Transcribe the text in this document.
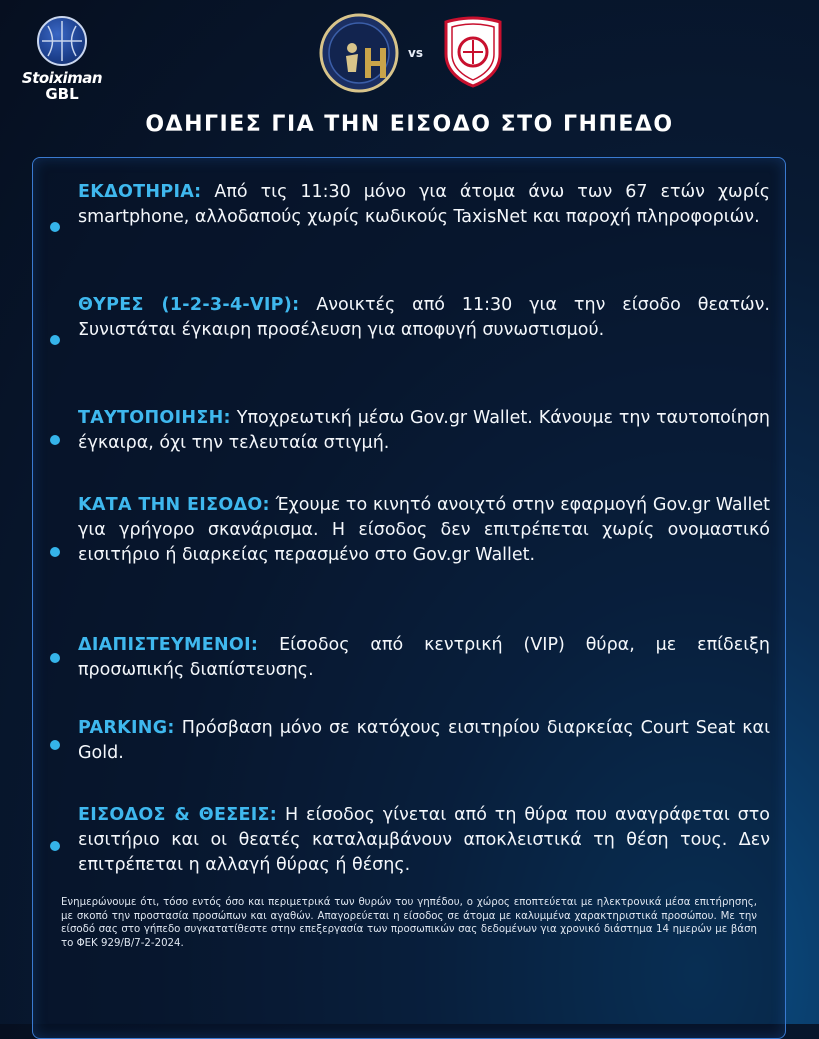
Stoiximan
GBL
vs
ΟΔΗΓΙΕΣ ΓΙΑ ΤΗΝ ΕΙΣΟΔΟ ΣΤΟ ΓΗΠΕΔΟ
ΕΚΔΟΤΗΡΙΑ: Από τις 11:30 μόνο για άτομα άνω των 67 ετών χωρίς smartphone, αλλοδαπούς χωρίς κωδικούς TaxisNet και παροχή πληροφοριών.
ΘΥΡΕΣ (1-2-3-4-VIP): Ανοικτές από 11:30 για την είσοδο θεατών. Συνιστάται έγκαιρη προσέλευση για αποφυγή συνωστισμού.
ΤΑΥΤΟΠΟΙΗΣΗ: Υποχρεωτική μέσω Gov.gr Wallet. Κάνουμε την ταυτοποίηση έγκαιρα, όχι την τελευταία στιγμή.
ΚΑΤΑ ΤΗΝ ΕΙΣΟΔΟ: Έχουμε το κινητό ανοιχτό στην εφαρμογή Gov.gr Wallet για γρήγορο σκανάρισμα. Η είσοδος δεν επιτρέπεται χωρίς ονομαστικό εισιτήριο ή διαρκείας περασμένο στο Gov.gr Wallet.
ΔΙΑΠΙΣΤΕΥΜΕΝΟΙ: Είσοδος από κεντρική (VIP) θύρα, με επίδειξη προσωπικής διαπίστευσης.
PARKING: Πρόσβαση μόνο σε κατόχους εισιτηρίου διαρκείας Court Seat και Gold.
ΕΙΣΟΔΟΣ & ΘΕΣΕΙΣ: Η είσοδος γίνεται από τη θύρα που αναγράφεται στο εισιτήριο και οι θεατές καταλαμβάνουν αποκλειστικά τη θέση τους. Δεν επιτρέπεται η αλλαγή θύρας ή θέσης.
Ενημερώνουμε ότι, τόσο εντός όσο και περιμετρικά των θυρών του γηπέδου, ο χώρος εποπτεύεται με ηλεκτρονικά μέσα επιτήρησης, με σκοπό την προστασία προσώπων και αγαθών. Απαγορεύεται η είσοδος σε άτομα με καλυμμένα χαρακτηριστικά προσώπου. Με την είσοδό σας στο γήπεδο συγκατατίθεστε στην επεξεργασία των προσωπικών σας δεδομένων για χρονικό διάστημα 14 ημερών με βάση το ΦΕΚ 929/Β/7-2-2024.
